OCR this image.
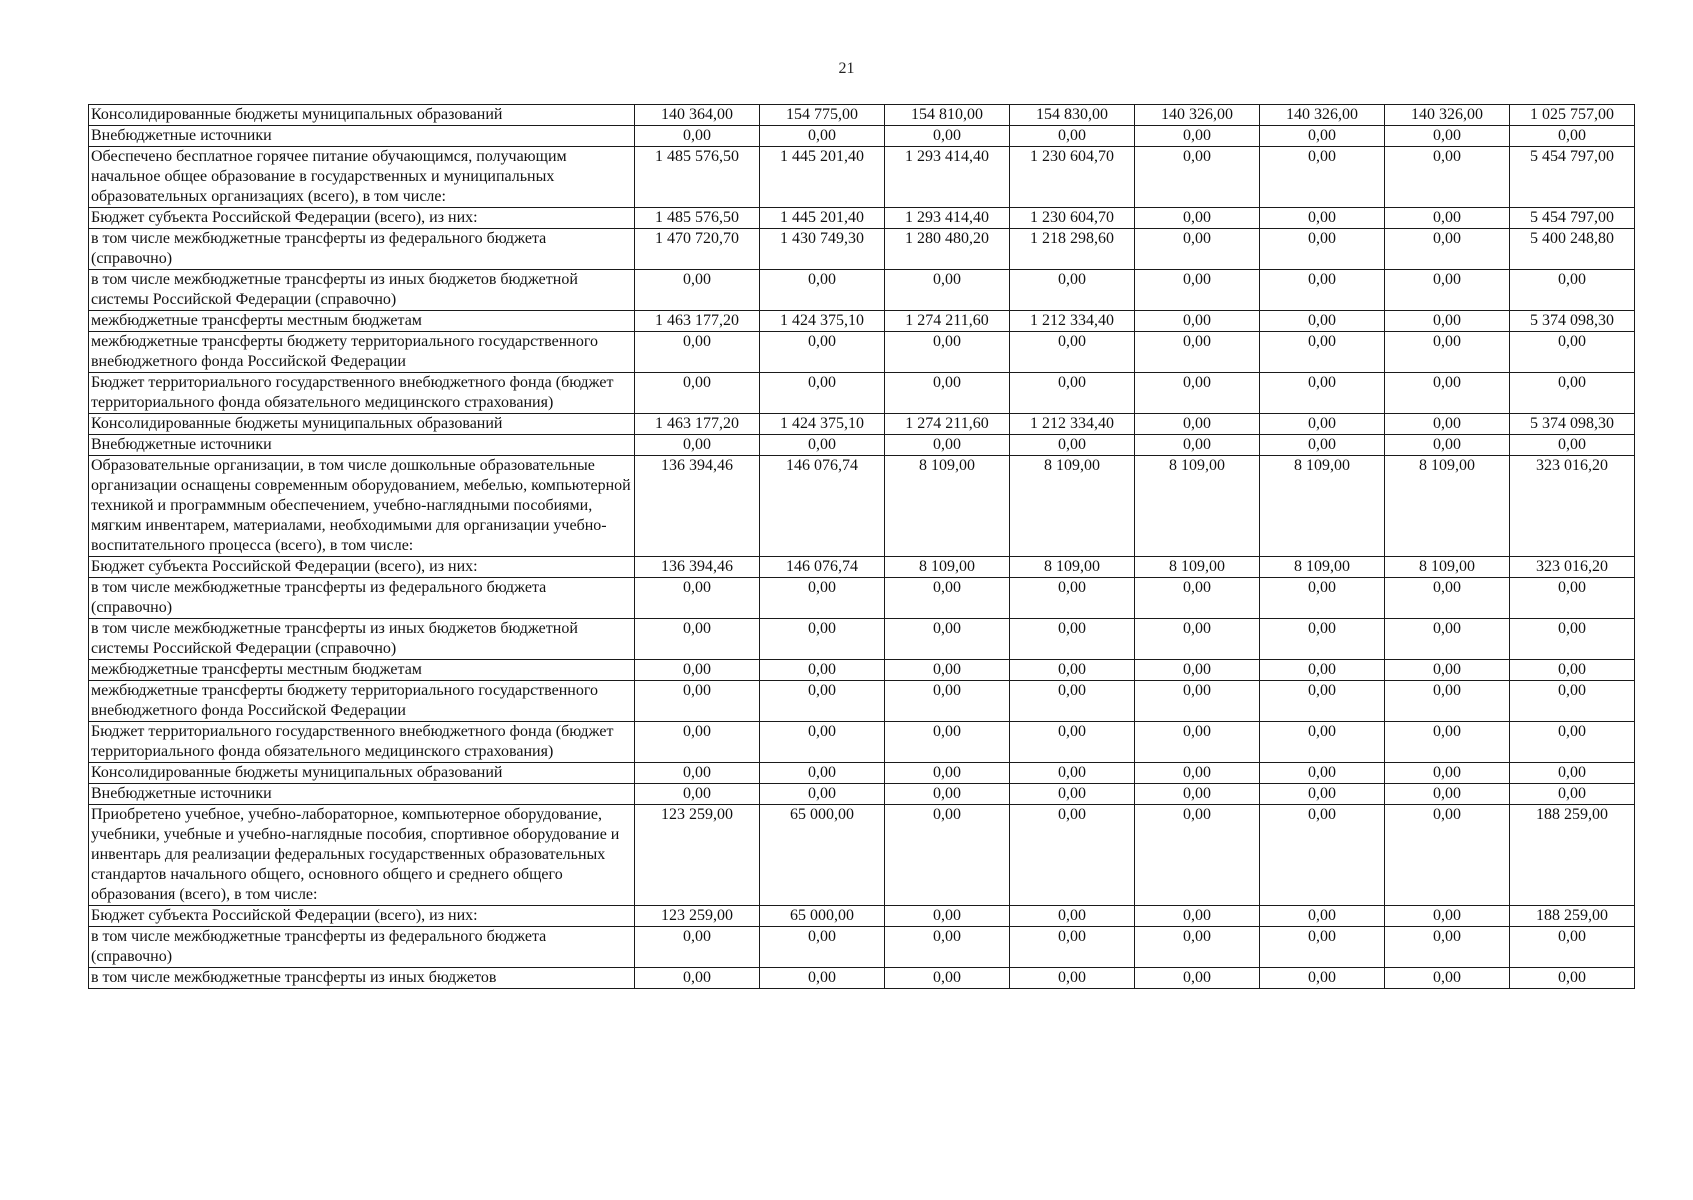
21
Консолидированные бюджеты муниципальных образований	140 364,00	154 775,00	154 810,00	154 830,00	140 326,00	140 326,00	140 326,00	1 025 757,00
Внебюджетные источники	0,00	0,00	0,00	0,00	0,00	0,00	0,00	0,00
Обеспечено бесплатное горячее питание обучающимся, получающим начальное общее образование в государственных и муниципальных образовательных организациях (всего), в том числе:	1 485 576,50	1 445 201,40	1 293 414,40	1 230 604,70	0,00	0,00	0,00	5 454 797,00
Бюджет субъекта Российской Федерации (всего), из них:	1 485 576,50	1 445 201,40	1 293 414,40	1 230 604,70	0,00	0,00	0,00	5 454 797,00
в том числе межбюджетные трансферты из федерального бюджета (справочно)	1 470 720,70	1 430 749,30	1 280 480,20	1 218 298,60	0,00	0,00	0,00	5 400 248,80
в том числе межбюджетные трансферты из иных бюджетов бюджетной системы Российской Федерации (справочно)	0,00	0,00	0,00	0,00	0,00	0,00	0,00	0,00
межбюджетные трансферты местным бюджетам	1 463 177,20	1 424 375,10	1 274 211,60	1 212 334,40	0,00	0,00	0,00	5 374 098,30
межбюджетные трансферты бюджету территориального государственного внебюджетного фонда Российской Федерации	0,00	0,00	0,00	0,00	0,00	0,00	0,00	0,00
Бюджет территориального государственного внебюджетного фонда (бюджет территориального фонда обязательного медицинского страхования)	0,00	0,00	0,00	0,00	0,00	0,00	0,00	0,00
Консолидированные бюджеты муниципальных образований	1 463 177,20	1 424 375,10	1 274 211,60	1 212 334,40	0,00	0,00	0,00	5 374 098,30
Внебюджетные источники	0,00	0,00	0,00	0,00	0,00	0,00	0,00	0,00
Образовательные организации, в том числе дошкольные образовательные организации оснащены современным оборудованием, мебелью, компьютерной техникой и программным обеспечением, учебно-наглядными пособиями, мягким инвентарем, материалами, необходимыми для организации учебно-воспитательного процесса (всего), в том числе:	136 394,46	146 076,74	8 109,00	8 109,00	8 109,00	8 109,00	8 109,00	323 016,20
Бюджет субъекта Российской Федерации (всего), из них:	136 394,46	146 076,74	8 109,00	8 109,00	8 109,00	8 109,00	8 109,00	323 016,20
в том числе межбюджетные трансферты из федерального бюджета (справочно)	0,00	0,00	0,00	0,00	0,00	0,00	0,00	0,00
в том числе межбюджетные трансферты из иных бюджетов бюджетной системы Российской Федерации (справочно)	0,00	0,00	0,00	0,00	0,00	0,00	0,00	0,00
межбюджетные трансферты местным бюджетам	0,00	0,00	0,00	0,00	0,00	0,00	0,00	0,00
межбюджетные трансферты бюджету территориального государственного внебюджетного фонда Российской Федерации	0,00	0,00	0,00	0,00	0,00	0,00	0,00	0,00
Бюджет территориального государственного внебюджетного фонда (бюджет территориального фонда обязательного медицинского страхования)	0,00	0,00	0,00	0,00	0,00	0,00	0,00	0,00
Консолидированные бюджеты муниципальных образований	0,00	0,00	0,00	0,00	0,00	0,00	0,00	0,00
Внебюджетные источники	0,00	0,00	0,00	0,00	0,00	0,00	0,00	0,00
Приобретено учебное, учебно-лабораторное, компьютерное оборудование, учебники, учебные и учебно-наглядные пособия, спортивное оборудование и инвентарь для реализации федеральных государственных образовательных стандартов начального общего, основного общего и среднего общего образования (всего), в том числе:	123 259,00	65 000,00	0,00	0,00	0,00	0,00	0,00	188 259,00
Бюджет субъекта Российской Федерации (всего), из них:	123 259,00	65 000,00	0,00	0,00	0,00	0,00	0,00	188 259,00
в том числе межбюджетные трансферты из федерального бюджета (справочно)	0,00	0,00	0,00	0,00	0,00	0,00	0,00	0,00
в том числе межбюджетные трансферты из иных бюджетов	0,00	0,00	0,00	0,00	0,00	0,00	0,00	0,00
